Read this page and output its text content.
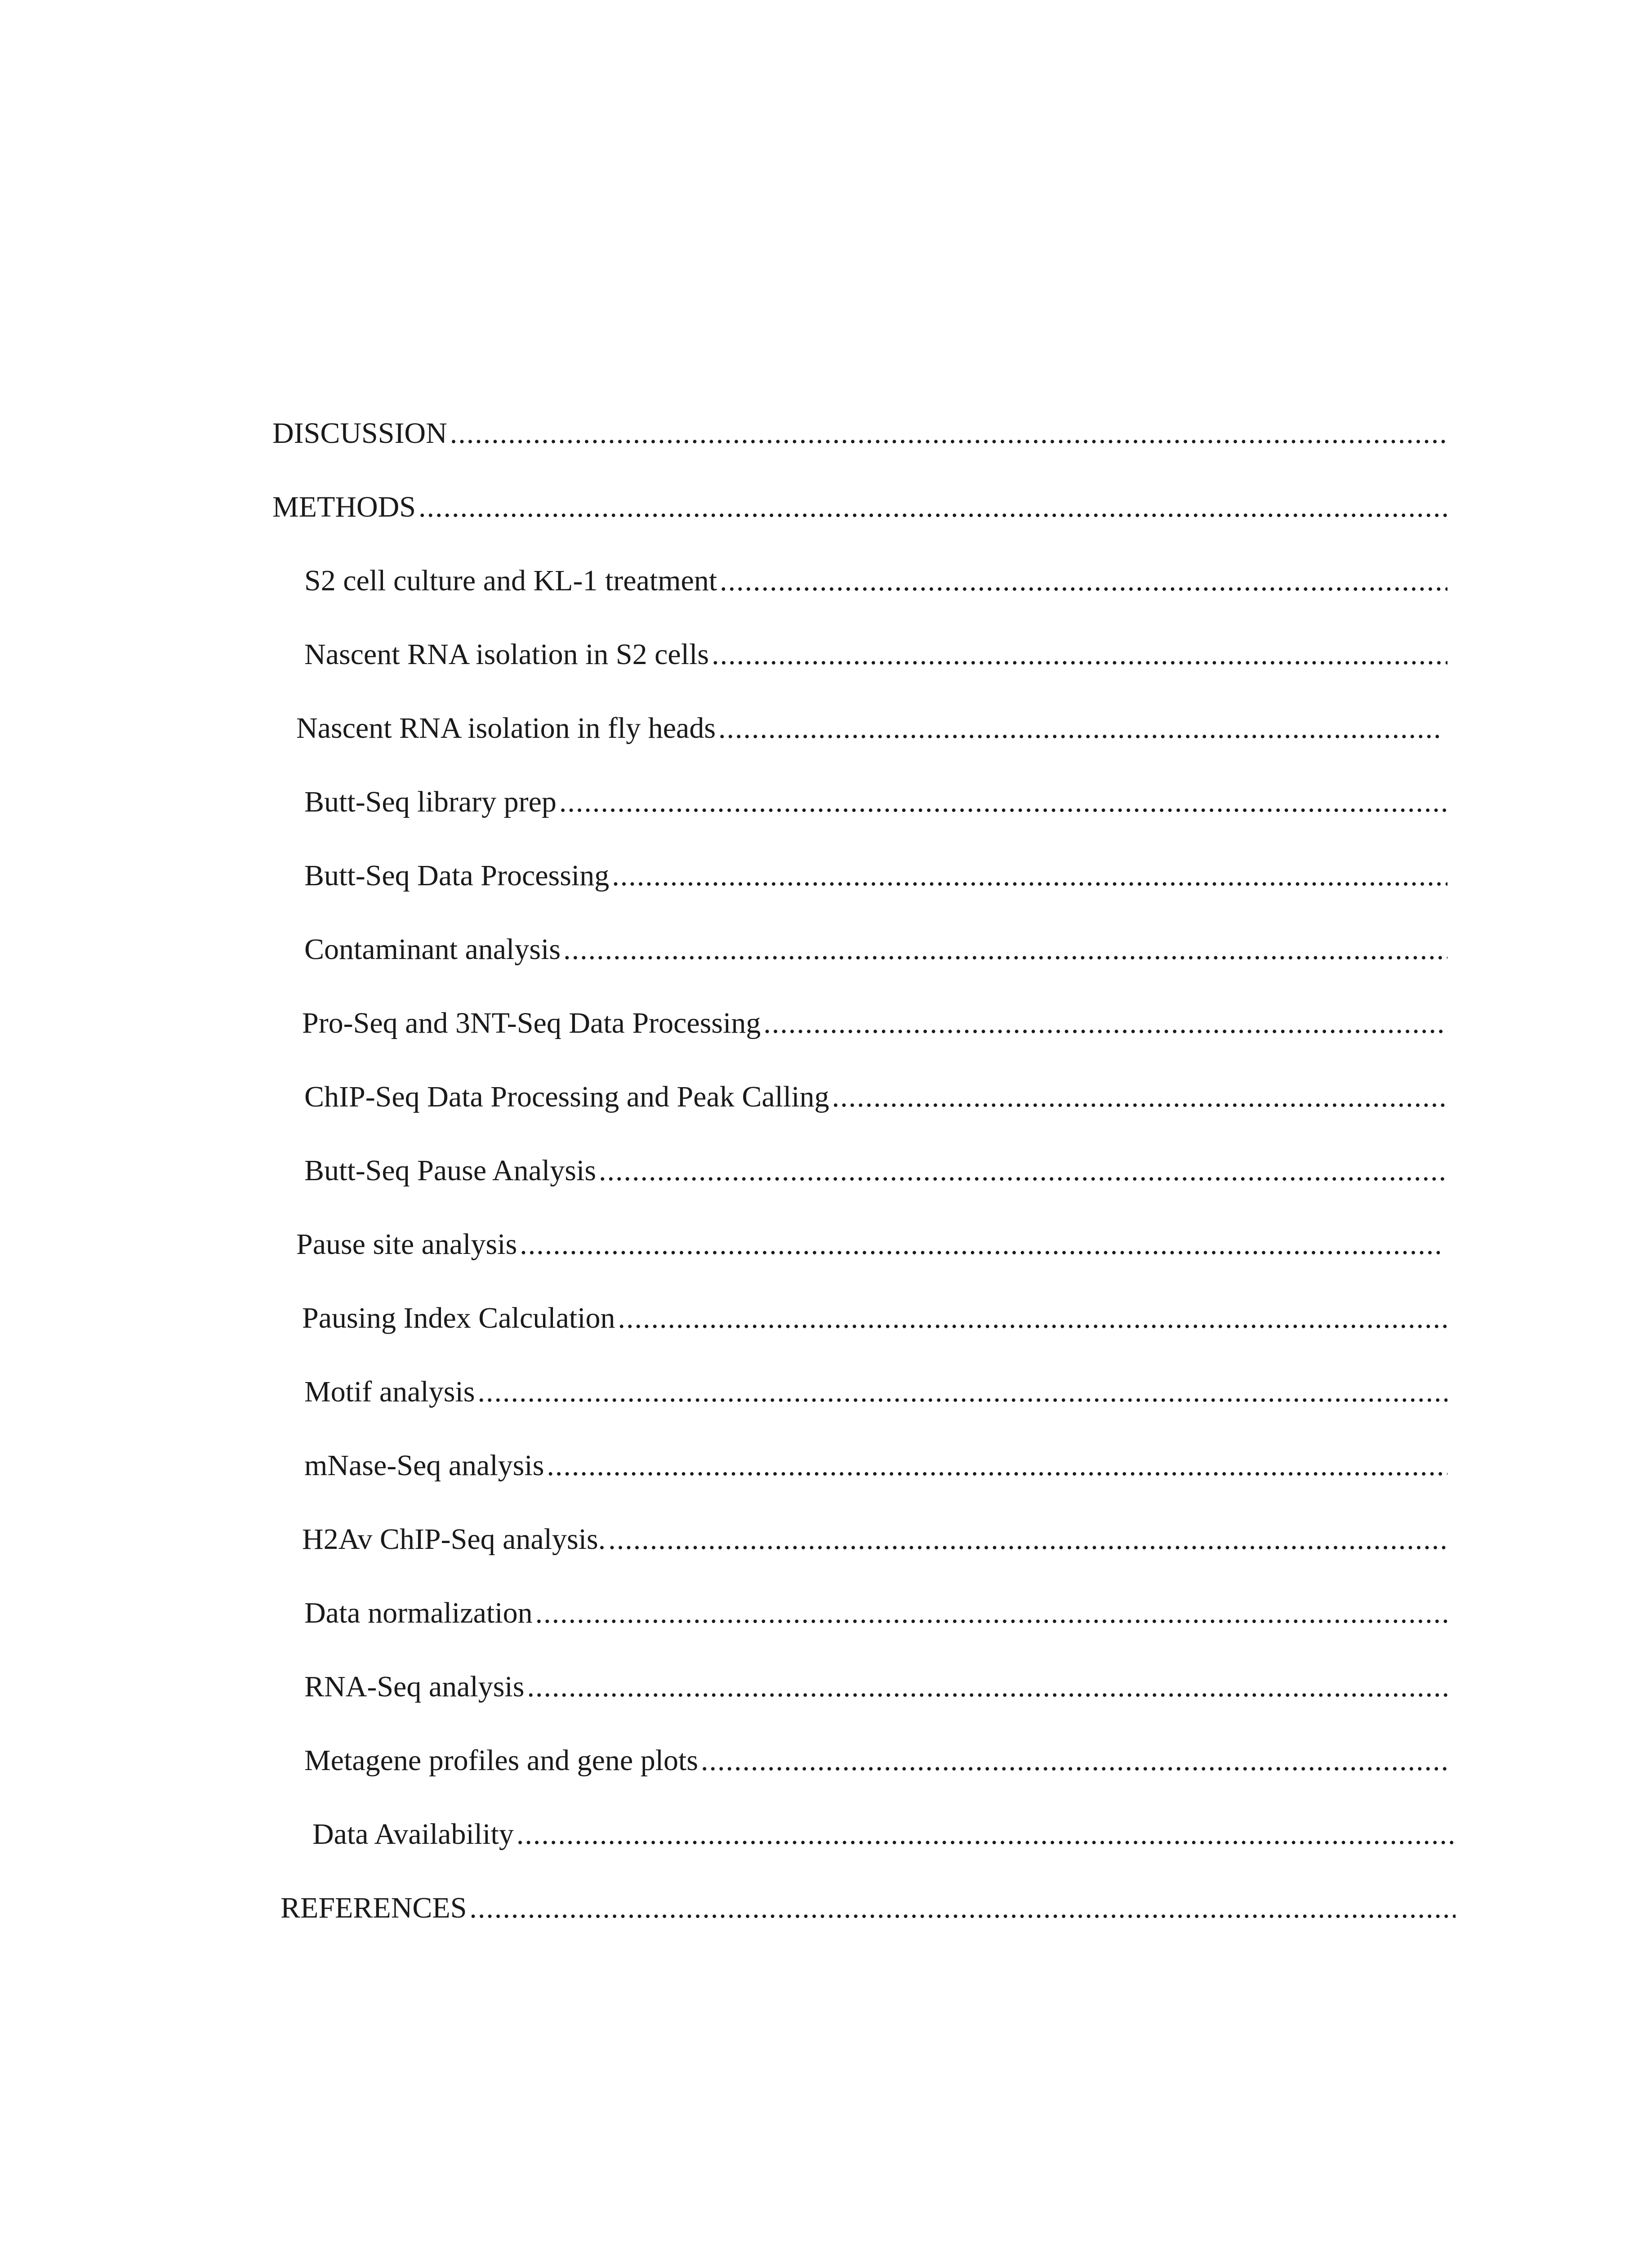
DISCUSSION
.....
METHODS
.....
S2 cell culture and KL-1 treatment
.....
Nascent RNA isolation in S2 cells
.....
Nascent RNA isolation in fly heads
.....
Butt-Seq library prep
.....
Butt-Seq Data Processing
.....
Contaminant analysis
.....
Pro-Seq and 3NT-Seq Data Processing
.....
ChIP-Seq Data Processing and Peak Calling
.....
Butt-Seq Pause Analysis
.....
Pause site analysis
.....
Pausing Index Calculation
.....
Motif analysis
.....
mNase-Seq analysis
.....
H2Av ChIP-Seq analysis.
.....
Data normalization
.....
RNA-Seq analysis
.....
Metagene profiles and gene plots
.....
Data Availability
.....
REFERENCES
.....
